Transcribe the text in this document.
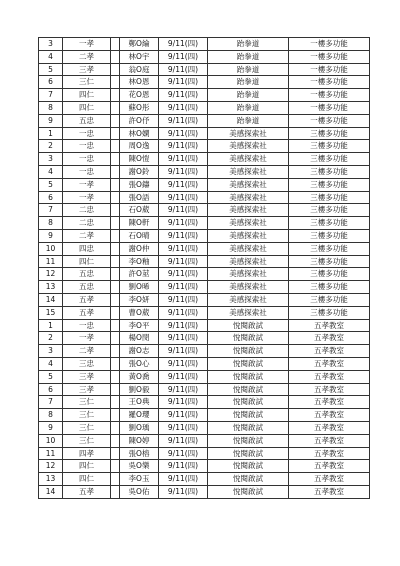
3	一孝		鄭O綸	9/11(四)	跆拳道	一樓多功能
4	二孝		林O宇	9/11(四)	跆拳道	一樓多功能
5	三孝		翁O庭	9/11(四)	跆拳道	一樓多功能
6	三仁		林O恩	9/11(四)	跆拳道	一樓多功能
7	四仁		花O恩	9/11(四)	跆拳道	一樓多功能
8	四仁		蘇O彤	9/11(四)	跆拳道	一樓多功能
9	五忠		許O伃	9/11(四)	跆拳道	一樓多功能
1	一忠		林O嫻	9/11(四)	美感探索社	三樓多功能
2	一忠		周O逸	9/11(四)	美感探索社	三樓多功能
3	一忠		陳O愷	9/11(四)	美感探索社	三樓多功能
4	一忠		謝O鈴	9/11(四)	美感探索社	三樓多功能
5	一孝		張O鑄	9/11(四)	美感探索社	三樓多功能
6	一孝		張O語	9/11(四)	美感探索社	三樓多功能
7	二忠		石O葳	9/11(四)	美感探索社	三樓多功能
8	二忠		陳O軒	9/11(四)	美感探索社	三樓多功能
9	二孝		石O晴	9/11(四)	美感探索社	三樓多功能
10	四忠		謝O仲	9/11(四)	美感探索社	三樓多功能
11	四仁		李O釉	9/11(四)	美感探索社	三樓多功能
12	五忠		許O莁	9/11(四)	美感探索社	三樓多功能
13	五忠		劉O晞	9/11(四)	美感探索社	三樓多功能
14	五孝		李O妍	9/11(四)	美感探索社	三樓多功能
15	五孝		曹O葳	9/11(四)	美感探索社	三樓多功能
1	一忠		李O平	9/11(四)	悅閱啟試	五孝教室
2	一孝		楊O閔	9/11(四)	悅閱啟試	五孝教室
3	二孝		謝O志	9/11(四)	悅閱啟試	五孝教室
4	三忠		張O心	9/11(四)	悅閱啟試	五孝教室
5	三孝		黃O喬	9/11(四)	悅閱啟試	五孝教室
6	三孝		劉O毅	9/11(四)	悅閱啟試	五孝教室
7	三仁		王O典	9/11(四)	悅閱啟試	五孝教室
8	三仁		羅O瓔	9/11(四)	悅閱啟試	五孝教室
9	三仁		劉O瑀	9/11(四)	悅閱啟試	五孝教室
10	三仁		陳O婷	9/11(四)	悅閱啟試	五孝教室
11	四孝		張O榕	9/11(四)	悅閱啟試	五孝教室
12	四仁		吳O樂	9/11(四)	悅閱啟試	五孝教室
13	四仁		李O玉	9/11(四)	悅閱啟試	五孝教室
14	五孝		吳O佑	9/11(四)	悅閱啟試	五孝教室
